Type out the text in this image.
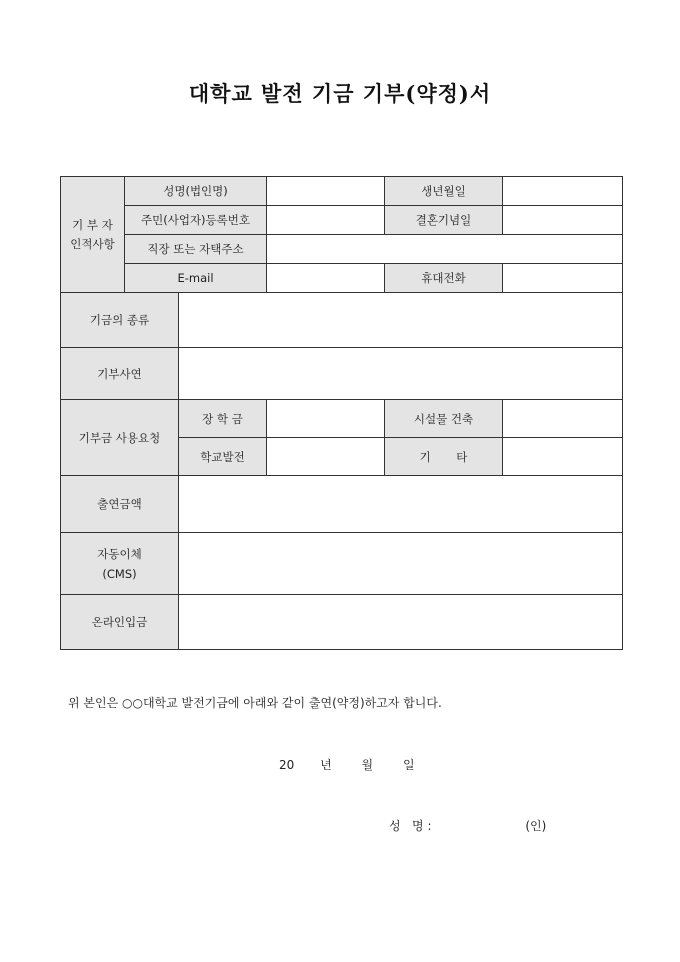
대학교 발전 기금 기부(약정)서
기 부 자
인적사항	성명(법인명)			생년월일	
	주민(사업자)등록번호			결혼기념일	
	직장 또는 자택주소				
	E-mail			휴대전화	
기금의 종류					
기부사연					
기부금 사용요청		장 학 금		시설물 건축	
		학교발전		기       타	
출연금액					

자동이체
(CMS)					

온라인입금					
위 본인은 ○○대학교 발전기금에 아래와 같이 출연(약정)하고자 합니다.
20 년 월 일
성   명 :	(인)
